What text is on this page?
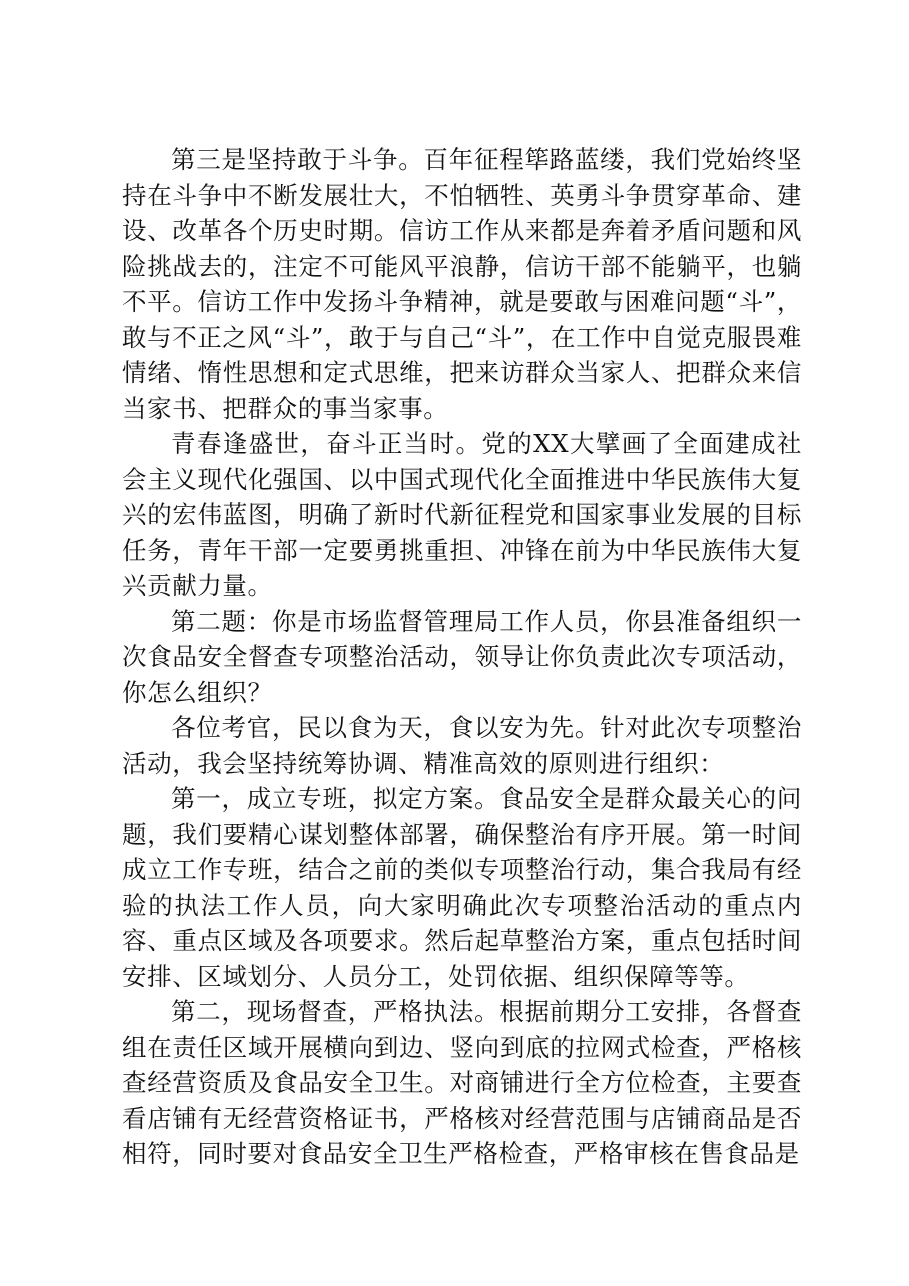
第三是坚持敢于斗争。百年征程筚路蓝缕，我们党始终坚持在斗争中不断发展壮大，不怕牺牲、英勇斗争贯穿革命、建设、改革各个历史时期。信访工作从来都是奔着矛盾问题和风险挑战去的，注定不可能风平浪静，信访干部不能躺平，也躺不平。信访工作中发扬斗争精神，就是要敢与困难问题“斗”，敢与不正之风“斗”，敢于与自己“斗”，在工作中自觉克服畏难情绪、惰性思想和定式思维，把来访群众当家人、把群众来信当家书、把群众的事当家事。

青春逢盛世，奋斗正当时。党的XX大擘画了全面建成社会主义现代化强国、以中国式现代化全面推进中华民族伟大复兴的宏伟蓝图，明确了新时代新征程党和国家事业发展的目标任务，青年干部一定要勇挑重担、冲锋在前为中华民族伟大复兴贡献力量。

第二题：你是市场监督管理局工作人员，你县准备组织一次食品安全督查专项整治活动，领导让你负责此次专项活动，你怎么组织？

各位考官，民以食为天，食以安为先。针对此次专项整治活动，我会坚持统筹协调、精准高效的原则进行组织：

第一，成立专班，拟定方案。食品安全是群众最关心的问题，我们要精心谋划整体部署，确保整治有序开展。第一时间成立工作专班，结合之前的类似专项整治行动，集合我局有经验的执法工作人员，向大家明确此次专项整治活动的重点内容、重点区域及各项要求。然后起草整治方案，重点包括时间安排、区域划分、人员分工，处罚依据、组织保障等等。

第二，现场督查，严格执法。根据前期分工安排，各督查组在责任区域开展横向到边、竖向到底的拉网式检查，严格核查经营资质及食品安全卫生。对商铺进行全方位检查，主要查看店铺有无经营资格证书，严格核对经营范围与店铺商品是否相符，同时要对食品安全卫生严格检查，严格审核在售食品是
